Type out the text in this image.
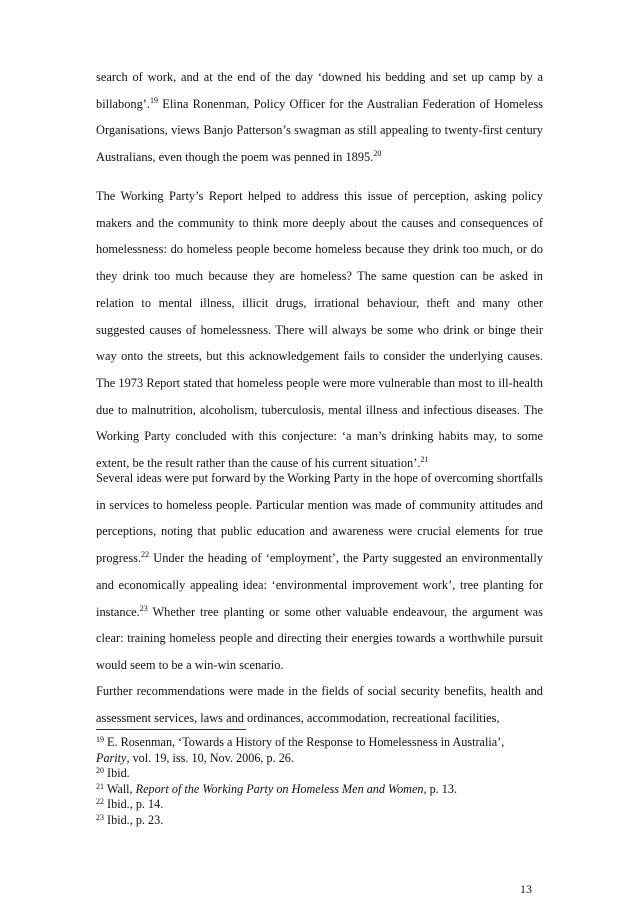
search of work, and at the end of the day ‘downed his bedding and set up camp by a billabong’.$^{19}$ Elina Ronenman, Policy Officer for the Australian Federation of Homeless Organisations, views Banjo Patterson’s swagman as still appealing to twenty-first century Australians, even though the poem was penned in 1895.20

The Working Party’s Report helped to address this issue of perception, asking policy makers and the community to think more deeply about the causes and consequences of homelessness: do homeless people become homeless because they drink too much, or do they drink too much because they are homeless? The same question can be asked in relation to mental illness, illicit drugs, irrational behaviour, theft and many other suggested causes of homelessness. There will always be some who drink or binge their way onto the streets, but this acknowledgement fails to consider the underlying causes. The 1973 Report stated that homeless people were more vulnerable than most to ill-health due to malnutrition, alcoholism, tuberculosis, mental illness and infectious diseases. The Working Party concluded with this conjecture: ‘a man’s drinking habits may, to some extent, be the result rather than the cause of his current situation’.$^{21}$

Several ideas were put forward by the Working Party in the hope of overcoming shortfalls in services to homeless people. Particular mention was made of community attitudes and perceptions, noting that public education and awareness were crucial elements for true progress.$^{22}$ Under the heading of ‘employment’, the Party suggested an environmentally and economically appealing idea: ‘environmental improvement work’, tree planting for instance.$^{23}$ Whether tree planting or some other valuable endeavour, the argument was clear: training homeless people and directing their energies towards a worthwhile pursuit would seem to be a win-win scenario.

Further recommendations were made in the fields of social security benefits, health and assessment services, laws and ordinances, accommodation, recreational facilities,

$^{19}$ E. Rosenman, ‘Towards a History of the Response to Homelessness in Australia’,
Parity, vol. 19, iss. 10, Nov. 2006, p. 26.

$^{20}$ Ibid.

$^{21}$ Wall, Report of the Working Party on Homeless Men and Women, p. 13.

$^{22}$ Ibid., p. 14.

$^{23}$ Ibid., p. 23.

13
